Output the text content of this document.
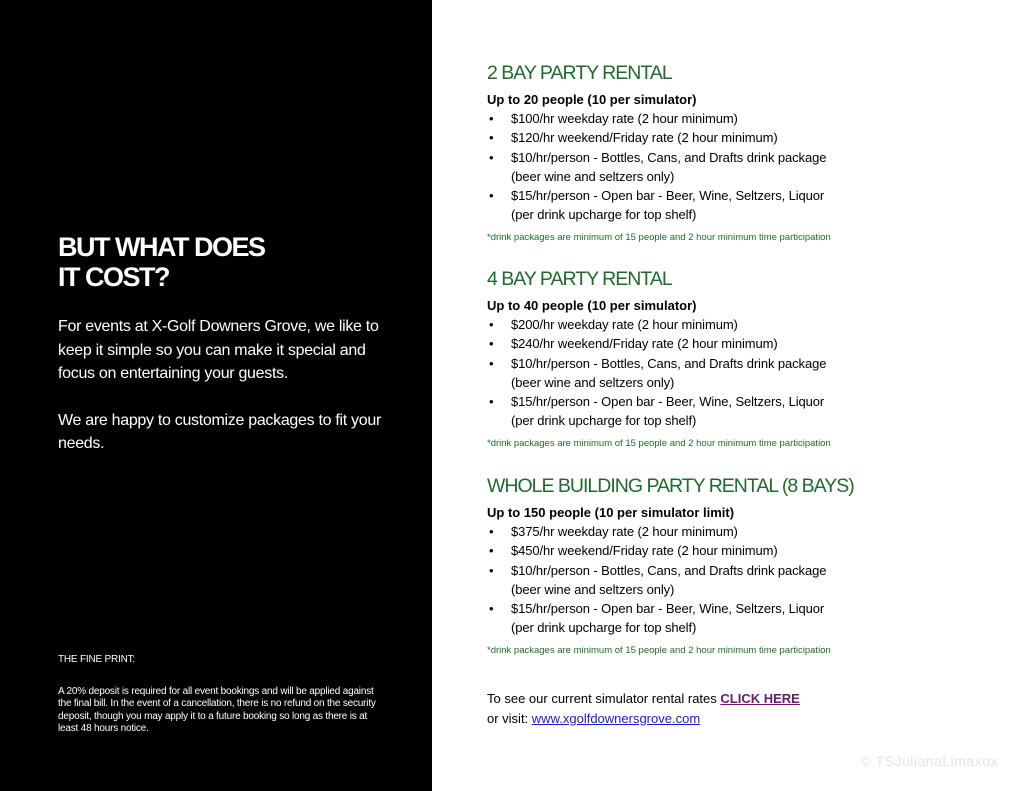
BUT WHAT DOES
IT COST?

For events at X-Golf Downers Grove, we like to keep it simple so you can make it special and focus on entertaining your guests.

We are happy to customize packages to fit your needs.

THE FINE PRINT:

A 20% deposit is required for all event bookings and will be applied against the final bill. In the event of a cancellation, there is no refund on the security deposit, though you may apply it to a future booking so long as there is at least 48 hours notice.

2 BAY PARTY RENTAL

Up to 20 people (10 per simulator)

• $100/hr weekday rate (2 hour minimum)
• $120/hr weekend/Friday rate (2 hour minimum)
• $10/hr/person - Bottles, Cans, and Drafts drink package
(beer wine and seltzers only)
• $15/hr/person - Open bar - Beer, Wine, Seltzers, Liquor
(per drink upcharge for top shelf)

*drink packages are minimum of 15 people and 2 hour minimum time participation

4 BAY PARTY RENTAL

Up to 40 people (10 per simulator)

• $200/hr weekday rate (2 hour minimum)
• $240/hr weekend/Friday rate (2 hour minimum)
• $10/hr/person - Bottles, Cans, and Drafts drink package
(beer wine and seltzers only)
• $15/hr/person - Open bar - Beer, Wine, Seltzers, Liquor
(per drink upcharge for top shelf)

*drink packages are minimum of 15 people and 2 hour minimum time participation

WHOLE BUILDING PARTY RENTAL (8 BAYS)

Up to 150 people (10 per simulator limit)

• $375/hr weekday rate (2 hour minimum)
• $450/hr weekend/Friday rate (2 hour minimum)
• $10/hr/person - Bottles, Cans, and Drafts drink package
(beer wine and seltzers only)
• $15/hr/person - Open bar - Beer, Wine, Seltzers, Liquor
(per drink upcharge for top shelf)

*drink packages are minimum of 15 people and 2 hour minimum time participation

To see our current simulator rental rates CLICK HERE

or visit: www.xgolfdownersgrove.com

© TSJulianaLimaxox
